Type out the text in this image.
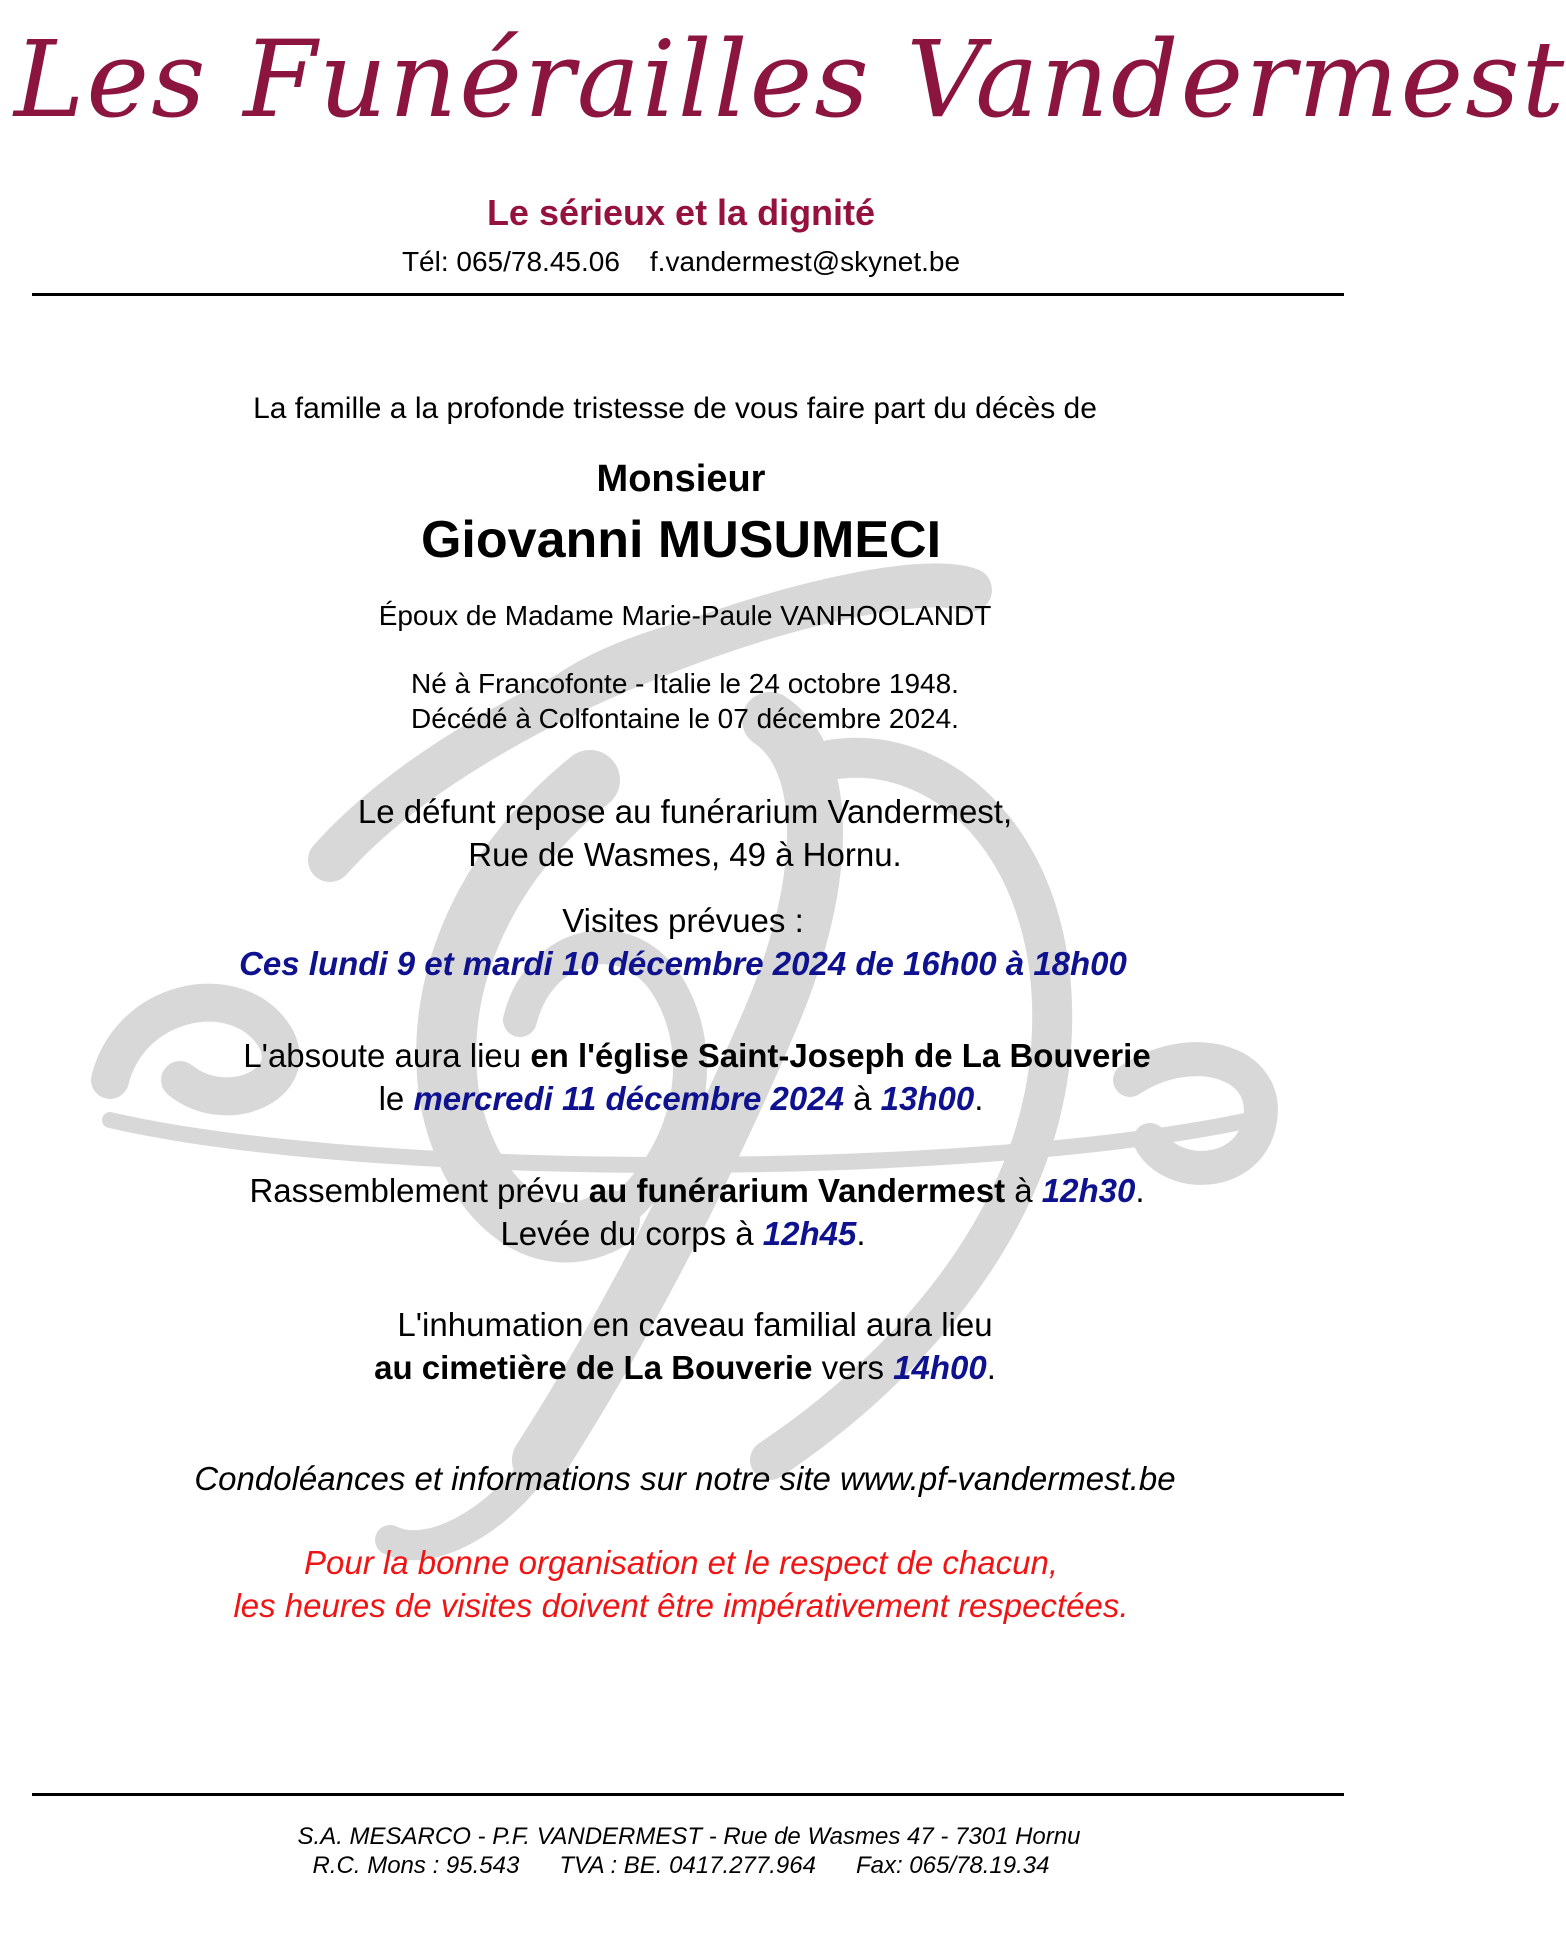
Les Funérailles Vandermest
Le sérieux et la dignité
Tél: 065/78.45.06 f.vandermest@skynet.be
La famille a la profonde tristesse de vous faire part du décès de
Monsieur
Giovanni MUSUMECI
Époux de Madame Marie-Paule VANHOOLANDT
Né à Francofonte - Italie le 24 octobre 1948.
Décédé à Colfontaine le 07 décembre 2024.
Le défunt repose au funérarium Vandermest,
Rue de Wasmes, 49 à Hornu.
Visites prévues :
Ces lundi 9 et mardi 10 décembre 2024 de 16h00 à 18h00
L'absoute aura lieu en l'église Saint-Joseph de La Bouverie
le mercredi 11 décembre 2024 à 13h00.
Rassemblement prévu au funérarium Vandermest à 12h30.
Levée du corps à 12h45.
L'inhumation en caveau familial aura lieu
au cimetière de La Bouverie vers 14h00.
Condoléances et informations sur notre site www.pf-vandermest.be
Pour la bonne organisation et le respect de chacun,
les heures de visites doivent être impérativement respectées.
S.A. MESARCO - P.F. VANDERMEST - Rue de Wasmes 47 - 7301 Hornu
R.C. Mons : 95.543 TVA : BE. 0417.277.964 Fax: 065/78.19.34
